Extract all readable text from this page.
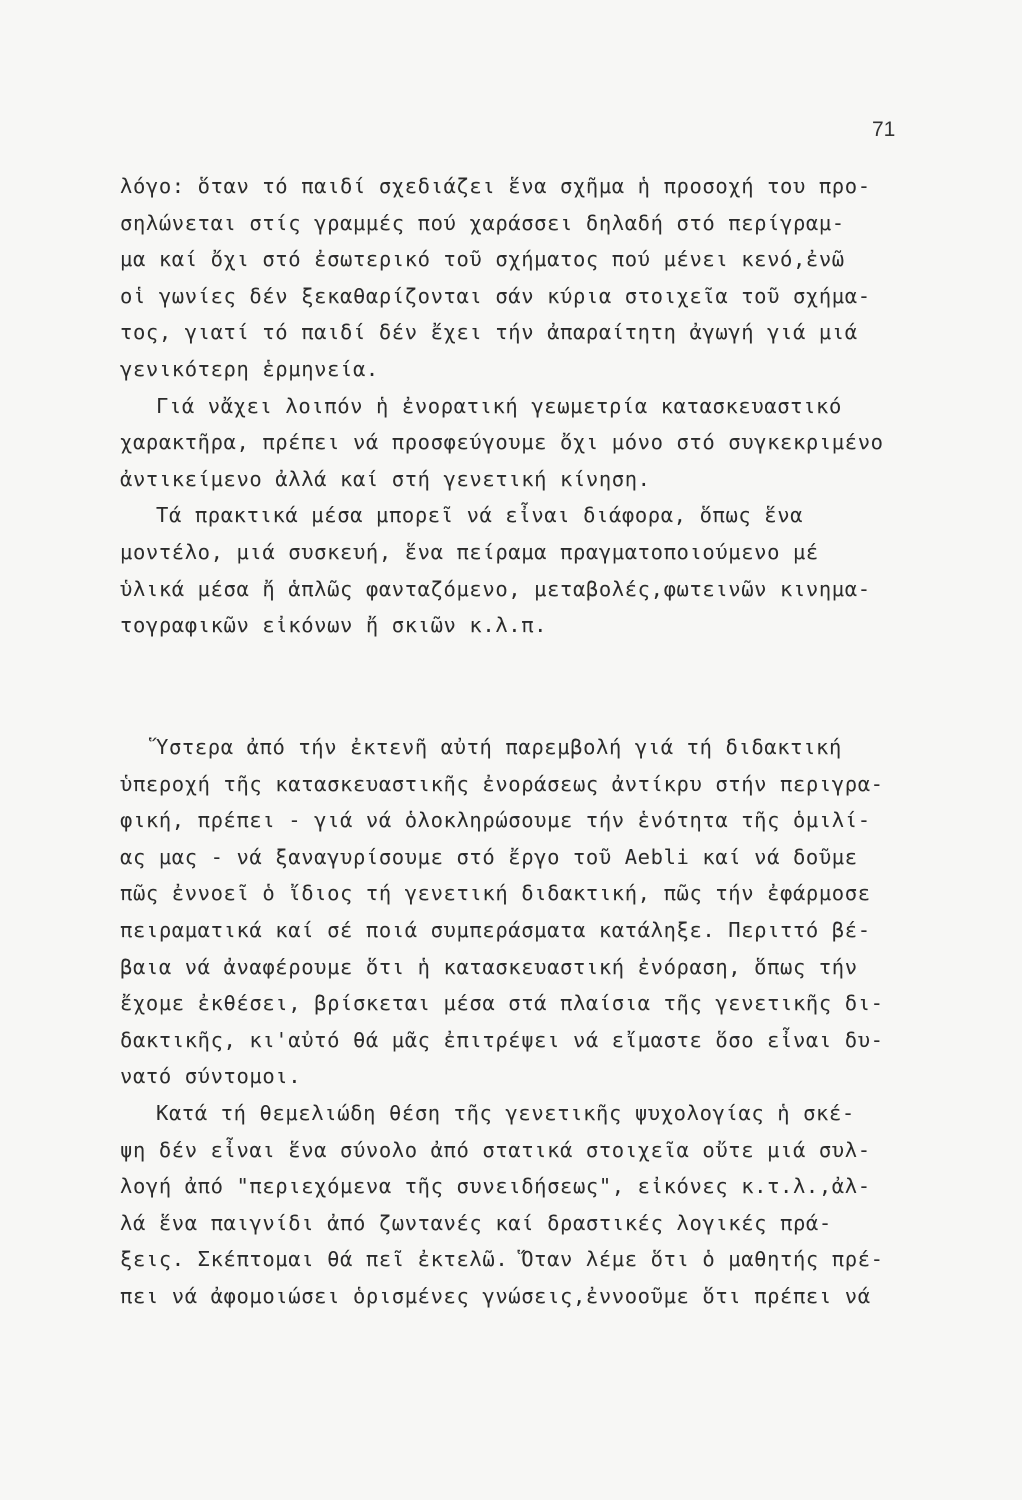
71
λόγο: ὅταν τό παιδί σχεδιάζει ἕνα σχῆμα ἡ προσοχή του προ-
σηλώνεται στίς γραμμές πού χαράσσει δηλαδή στό περίγραμ-
μα καί ὄχι στό ἐσωτερικό τοῦ σχήματος πού μένει κενό,ἐνῶ
οἱ γωνίες δέν ξεκαθαρίζονται σάν κύρια στοιχεῖα τοῦ σχήμα-
τος, γιατί τό παιδί δέν ἔχει τήν ἀπαραίτητη ἀγωγή γιά μιά
γενικότερη ἑρμηνεία.
Γιά νἄχει λοιπόν ἡ ἐνορατική γεωμετρία κατασκευαστικό
χαρακτῆρα, πρέπει νά προσφεύγουμε ὄχι μόνο στό συγκεκριμένο
ἀντικείμενο ἀλλά καί στή γενετική κίνηση.
Τά πρακτικά μέσα μπορεῖ νά εἶναι διάφορα, ὅπως ἕνα
μοντέλο, μιά συσκευή, ἕνα πείραμα πραγματοποιούμενο μέ
ὑλικά μέσα ἤ ἁπλῶς φανταζόμενο, μεταβολές,φωτεινῶν κινημα-
τογραφικῶν εἰκόνων ἤ σκιῶν κ.λ.π.
Ὕστερα ἀπό τήν ἐκτενῆ αὐτή παρεμβολή γιά τή διδακτική
ὑπεροχή τῆς κατασκευαστικῆς ἐνοράσεως ἀντίκρυ στήν περιγρα-
φική, πρέπει - γιά νά ὁλοκληρώσουμε τήν ἑνότητα τῆς ὁμιλί-
ας μας - νά ξαναγυρίσουμε στό ἔργο τοῦ Aebli καί νά δοῦμε
πῶς ἐννοεῖ ὁ ἴδιος τή γενετική διδακτική, πῶς τήν ἐφάρμοσε
πειραματικά καί σέ ποιά συμπεράσματα κατάληξε. Περιττό βέ-
βαια νά ἀναφέρουμε ὅτι ἡ κατασκευαστική ἐνόραση, ὅπως τήν
ἔχομε ἐκθέσει, βρίσκεται μέσα στά πλαίσια τῆς γενετικῆς δι-
δακτικῆς, κι'αὐτό θά μᾶς ἐπιτρέψει νά εἴμαστε ὅσο εἶναι δυ-
νατό σύντομοι.
Κατά τή θεμελιώδη θέση τῆς γενετικῆς ψυχολογίας ἡ σκέ-
ψη δέν εἶναι ἕνα σύνολο ἀπό στατικά στοιχεῖα οὔτε μιά συλ-
λογή ἀπό "περιεχόμενα τῆς συνειδήσεως", εἰκόνες κ.τ.λ.,ἀλ-
λά ἕνα παιγνίδι ἀπό ζωντανές καί δραστικές λογικές πρά-
ξεις. Σκέπτομαι θά πεῖ ἐκτελῶ. Ὅταν λέμε ὅτι ὁ μαθητής πρέ-
πει νά ἀφομοιώσει ὁρισμένες γνώσεις,ἐννοοῦμε ὅτι πρέπει νά
